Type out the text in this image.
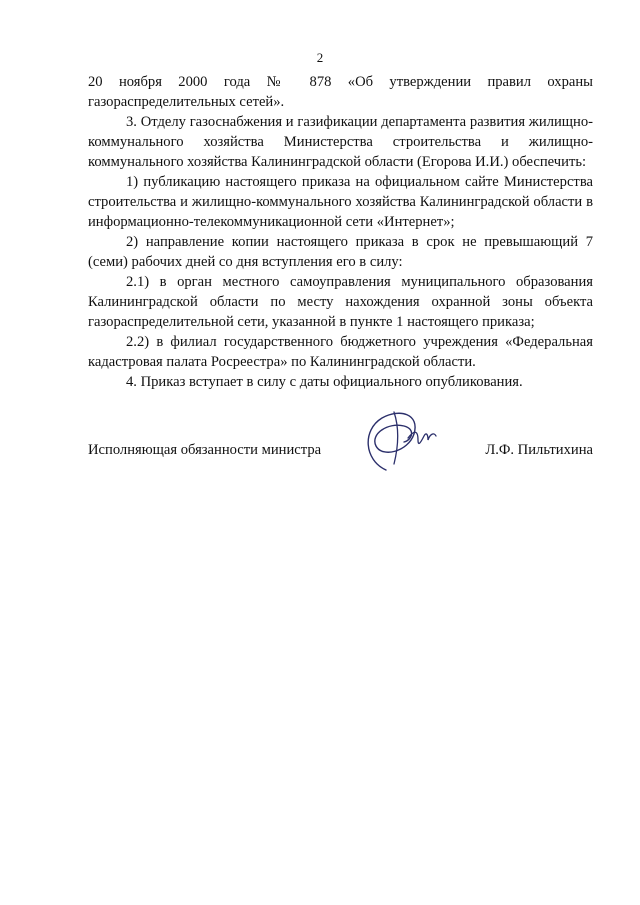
2

20 ноября 2000 года № 878 «Об утверждении правил охраны газораспределительных сетей».

3. Отделу газоснабжения и газификации департамента развития жилищно-коммунального хозяйства Министерства строительства и жилищно-коммунального хозяйства Калининградской области (Егорова И.И.) обеспечить:

1) публикацию настоящего приказа на официальном сайте Министерства строительства и жилищно-коммунального хозяйства Калининградской области в информационно-телекоммуникационной сети «Интернет»;

2) направление копии настоящего приказа в срок не превышающий 7 (семи) рабочих дней со дня вступления его в силу:

2.1) в орган местного самоуправления муниципального образования Калининградской области по месту нахождения охранной зоны объекта газораспределительной сети, указанной в пункте 1 настоящего приказа;

2.2) в филиал государственного бюджетного учреждения «Федеральная кадастровая палата Росреестра» по Калининградской области.

4. Приказ вступает в силу с даты официального опубликования.

Исполняющая обязанности министра	Л.Ф. Пильтихина
